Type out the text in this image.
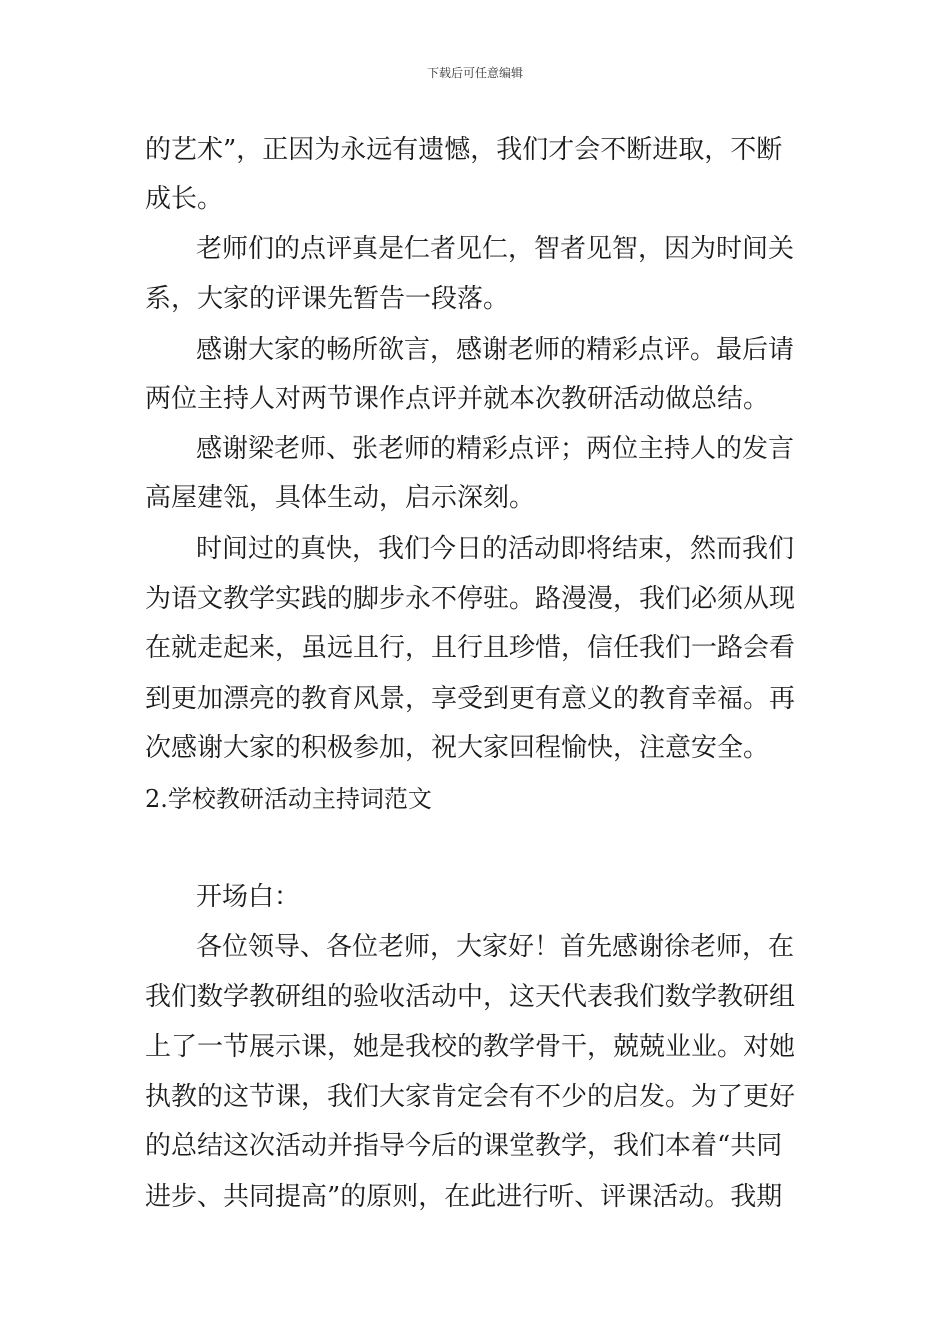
下载后可任意编辑
的艺术”，正因为永远有遗憾，我们才会不断进取，不断
成长。
老师们的点评真是仁者见仁，智者见智，因为时间关
系，大家的评课先暂告一段落。
感谢大家的畅所欲言，感谢老师的精彩点评。最后请
两位主持人对两节课作点评并就本次教研活动做总结。
感谢梁老师、张老师的精彩点评；两位主持人的发言
高屋建瓴，具体生动，启示深刻。
时间过的真快，我们今日的活动即将结束，然而我们
为语文教学实践的脚步永不停驻。路漫漫，我们必须从现
在就走起来，虽远且行，且行且珍惜，信任我们一路会看
到更加漂亮的教育风景，享受到更有意义的教育幸福。再
次感谢大家的积极参加，祝大家回程愉快，注意安全。
2.学校教研活动主持词范文
开场白：
各位领导、各位老师，大家好！首先感谢徐老师，在
我们数学教研组的验收活动中，这天代表我们数学教研组
上了一节展示课，她是我校的教学骨干，兢兢业业。对她
执教的这节课，我们大家肯定会有不少的启发。为了更好
的总结这次活动并指导今后的课堂教学，我们本着“共同
进步、共同提高”的原则，在此进行听、评课活动。我期
